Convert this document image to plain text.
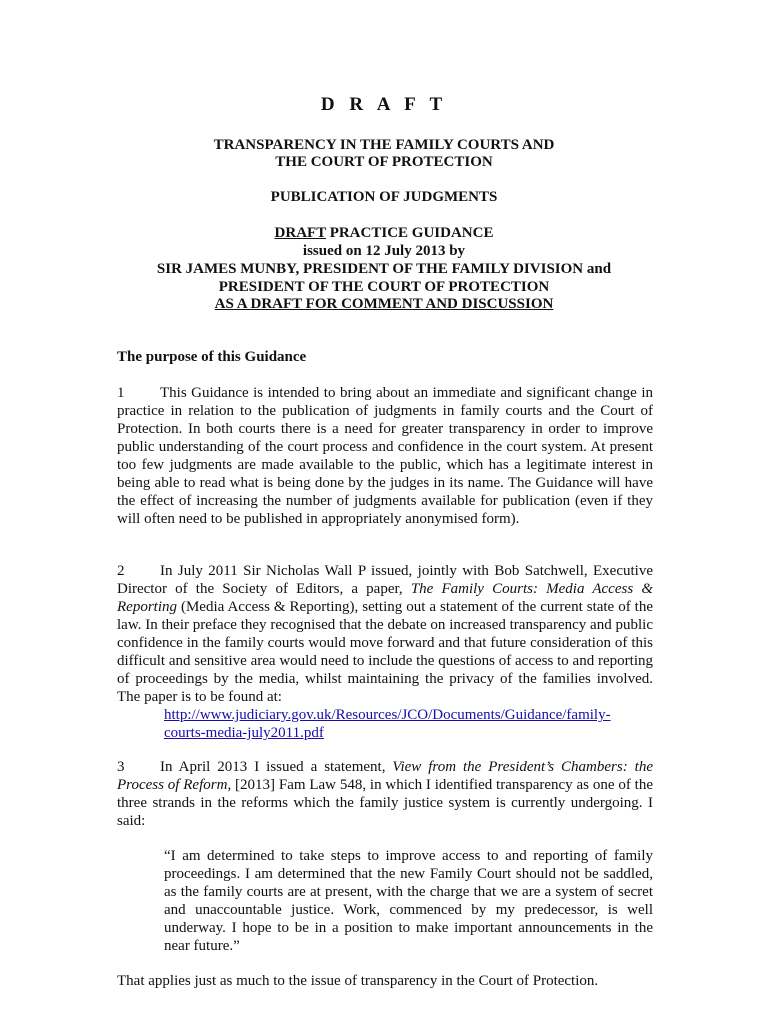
D R A F T

TRANSPARENCY IN THE FAMILY COURTS AND

THE COURT OF PROTECTION

PUBLICATION OF JUDGMENTS

DRAFT PRACTICE GUIDANCE

issued on 12 July 2013 by

SIR JAMES MUNBY, PRESIDENT OF THE FAMILY DIVISION and

PRESIDENT OF THE COURT OF PROTECTION

AS A DRAFT FOR COMMENT AND DISCUSSION

The purpose of this Guidance

1 This Guidance is intended to bring about an immediate and significant change in practice in relation to the publication of judgments in family courts and the Court of Protection. In both courts there is a need for greater transparency in order to improve public understanding of the court process and confidence in the court system. At present too few judgments are made available to the public, which has a legitimate interest in being able to read what is being done by the judges in its name. The Guidance will have the effect of increasing the number of judgments available for publication (even if they will often need to be published in appropriately anonymised form).

2 In July 2011 Sir Nicholas Wall P issued, jointly with Bob Satchwell, Executive Director of the Society of Editors, a paper, The Family Courts: Media Access & Reporting (Media Access & Reporting), setting out a statement of the current state of the law. In their preface they recognised that the debate on increased transparency and public confidence in the family courts would move forward and that future consideration of this difficult and sensitive area would need to include the questions of access to and reporting of proceedings by the media, whilst maintaining the privacy of the families involved. The paper is to be found at:

http://www.judiciary.gov.uk/Resources/JCO/Documents/Guidance/family-
courts-media-july2011.pdf

3 In April 2013 I issued a statement, View from the President’s Chambers: the Process of Reform, [2013] Fam Law 548, in which I identified transparency as one of the three strands in the reforms which the family justice system is currently undergoing. I said:

“I am determined to take steps to improve access to and reporting of family proceedings. I am determined that the new Family Court should not be saddled, as the family courts are at present, with the charge that we are a system of secret and unaccountable justice. Work, commenced by my predecessor, is well underway. I hope to be in a position to make important announcements in the near future.”

That applies just as much to the issue of transparency in the Court of Protection.
